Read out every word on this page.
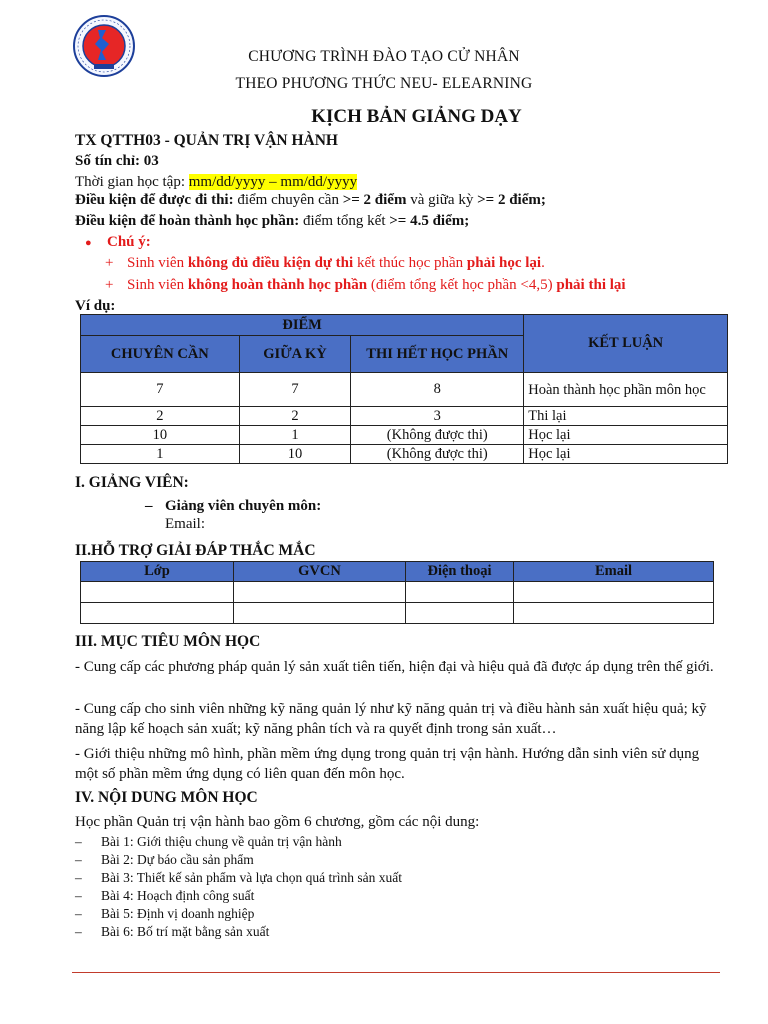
CHƯƠNG TRÌNH ĐÀO TẠO CỬ NHÂN
THEO PHƯƠNG THỨC NEU- ELEARNING
KỊCH BẢN GIẢNG DẠY
TX QTTH03 - QUẢN TRỊ VẬN HÀNH
Số tín chỉ: 03
Thời gian học tập: mm/dd/yyyy – mm/dd/yyyy
Điều kiện để được đi thi: điểm chuyên cần >= 2 điểm và giữa kỳ >= 2 điểm;
Điều kiện để hoàn thành học phần: điểm tổng kết >= 4.5 điểm;
● Chú ý:
+ Sinh viên không đủ điều kiện dự thi kết thúc học phần phải học lại.
+ Sinh viên không hoàn thành học phần (điểm tổng kết học phần <4,5) phải thi lại
Ví dụ:
ĐIỂM			KẾT LUẬN
CHUYÊN CẦN	GIỮA KỲ	THI HẾT HỌC PHẦN	
7	7	8	Hoàn thành học phần môn học
2	2	3	Thi lại
10	1	(Không được thi)	Học lại
1	10	(Không được thi)	Học lại
I. GIẢNG VIÊN:
– Giảng viên chuyên môn:
Email:
II.HỖ TRỢ GIẢI ĐÁP THẮC MẮC
Lớp	GVCN	Điện thoại	Email

III. MỤC TIÊU MÔN HỌC
- Cung cấp các phương pháp quản lý sản xuất tiên tiến, hiện đại và hiệu quả đã được áp dụng trên thế giới.
- Cung cấp cho sinh viên những kỹ năng quản lý như kỹ năng quản trị và điều hành sản xuất hiệu quả; kỹ năng lập kế hoạch sản xuất; kỹ năng phân tích và ra quyết định trong sản xuất…
- Giới thiệu những mô hình, phần mềm ứng dụng trong quản trị vận hành. Hướng dẫn sinh viên sử dụng một số phần mềm ứng dụng có liên quan đến môn học.
IV. NỘI DUNG MÔN HỌC
Học phần Quản trị vận hành bao gồm 6 chương, gồm các nội dung:
– Bài 1: Giới thiệu chung về quản trị vận hành
– Bài 2: Dự báo cầu sản phẩm
– Bài 3: Thiết kế sản phẩm và lựa chọn quá trình sản xuất
– Bài 4: Hoạch định công suất
– Bài 5: Định vị doanh nghiệp
– Bài 6: Bố trí mặt bằng sản xuất
